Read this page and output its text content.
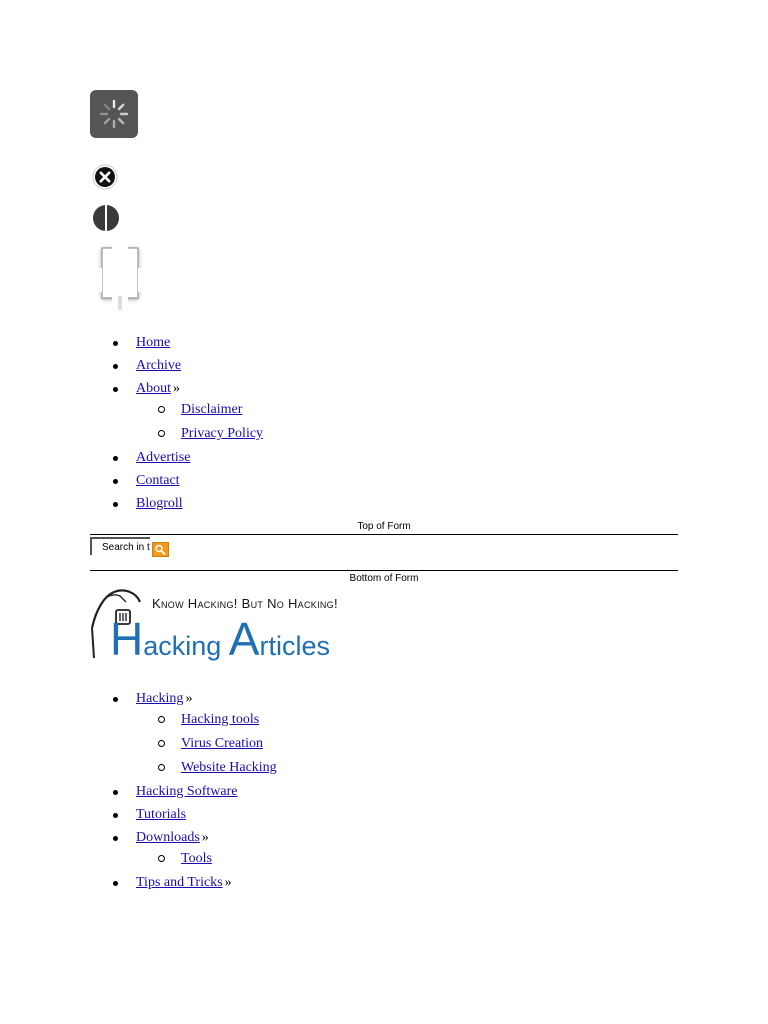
Home
Archive
About »
Disclaimer
Privacy Policy
Advertise
Contact
Blogroll
Top of Form
Search in t
Bottom of Form
Know Hacking! But No Hacking!
Hacking Articles
Hacking »
Hacking tools
Virus Creation
Website Hacking
Hacking Software
Tutorials
Downloads »
Tools
Tips and Tricks »
